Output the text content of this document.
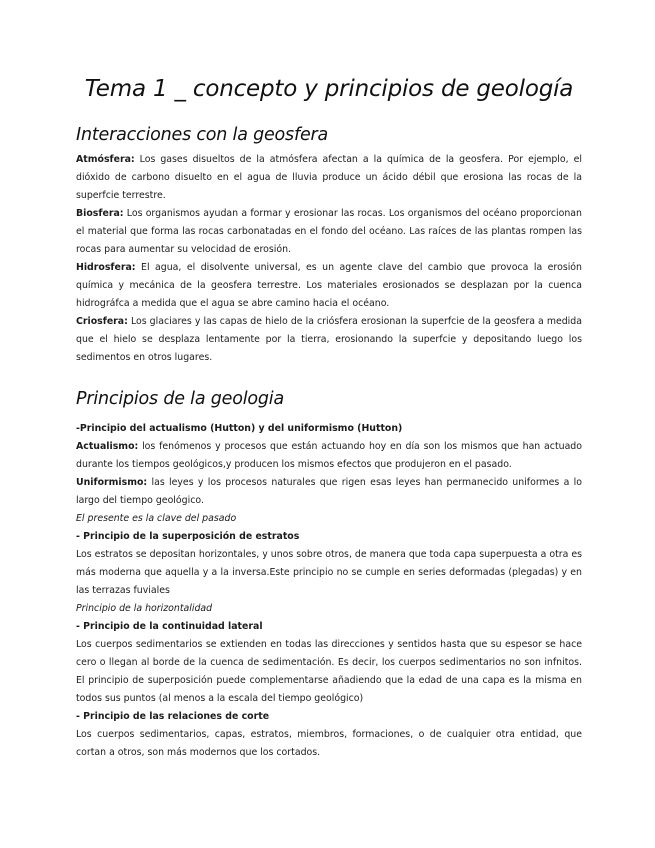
Tema 1 _ concepto y principios de geología
Interacciones con la geosfera

Atmósfera: Los gases disueltos de la atmósfera afectan a la química de la geosfera. Por ejemplo, el dióxido de carbono disuelto en el agua de lluvia produce un ácido débil que erosiona las rocas de la superfcie terrestre.

Biosfera: Los organismos ayudan a formar y erosionar las rocas. Los organismos del océano proporcionan el material que forma las rocas carbonatadas en el fondo del océano. Las raíces de las plantas rompen las rocas para aumentar su velocidad de erosión.

Hidrosfera: El agua, el disolvente universal, es un agente clave del cambio que provoca la erosión química y mecánica de la geosfera terrestre. Los materiales erosionados se desplazan por la cuenca hidrográfca a medida que el agua se abre camino hacia el océano.

Criosfera: Los glaciares y las capas de hielo de la criósfera erosionan la superfcie de la geosfera a medida que el hielo se desplaza lentamente por la tierra, erosionando la superfcie y depositando luego los sedimentos en otros lugares.

Principios de la geologia

-Principio del actualismo (Hutton) y del uniformismo (Hutton)

Actualismo: los fenómenos y procesos que están actuando hoy en día son los mismos que han actuado durante los tiempos geológicos,y producen los mismos efectos que produjeron en el pasado.

Uniformismo: las leyes y los procesos naturales que rigen esas leyes han permanecido uniformes a lo largo del tiempo geológico.

El presente es la clave del pasado

- Principio de la superposición de estratos

Los estratos se depositan horizontales, y unos sobre otros, de manera que toda capa superpuesta a otra es más moderna que aquella y a la inversa.Este principio no se cumple en series deformadas (plegadas) y en las terrazas fuviales

Principio de la horizontalidad

- Principio de la continuidad lateral

Los cuerpos sedimentarios se extienden en todas las direcciones y sentidos hasta que su espesor se hace cero o llegan al borde de la cuenca de sedimentación. Es decir, los cuerpos sedimentarios no son infnitos. El principio de superposición puede complementarse añadiendo que la edad de una capa es la misma en todos sus puntos (al menos a la escala del tiempo geológico)

- Principio de las relaciones de corte

Los cuerpos sedimentarios, capas, estratos, miembros, formaciones, o de cualquier otra entidad, que cortan a otros, son más modernos que los cortados.
